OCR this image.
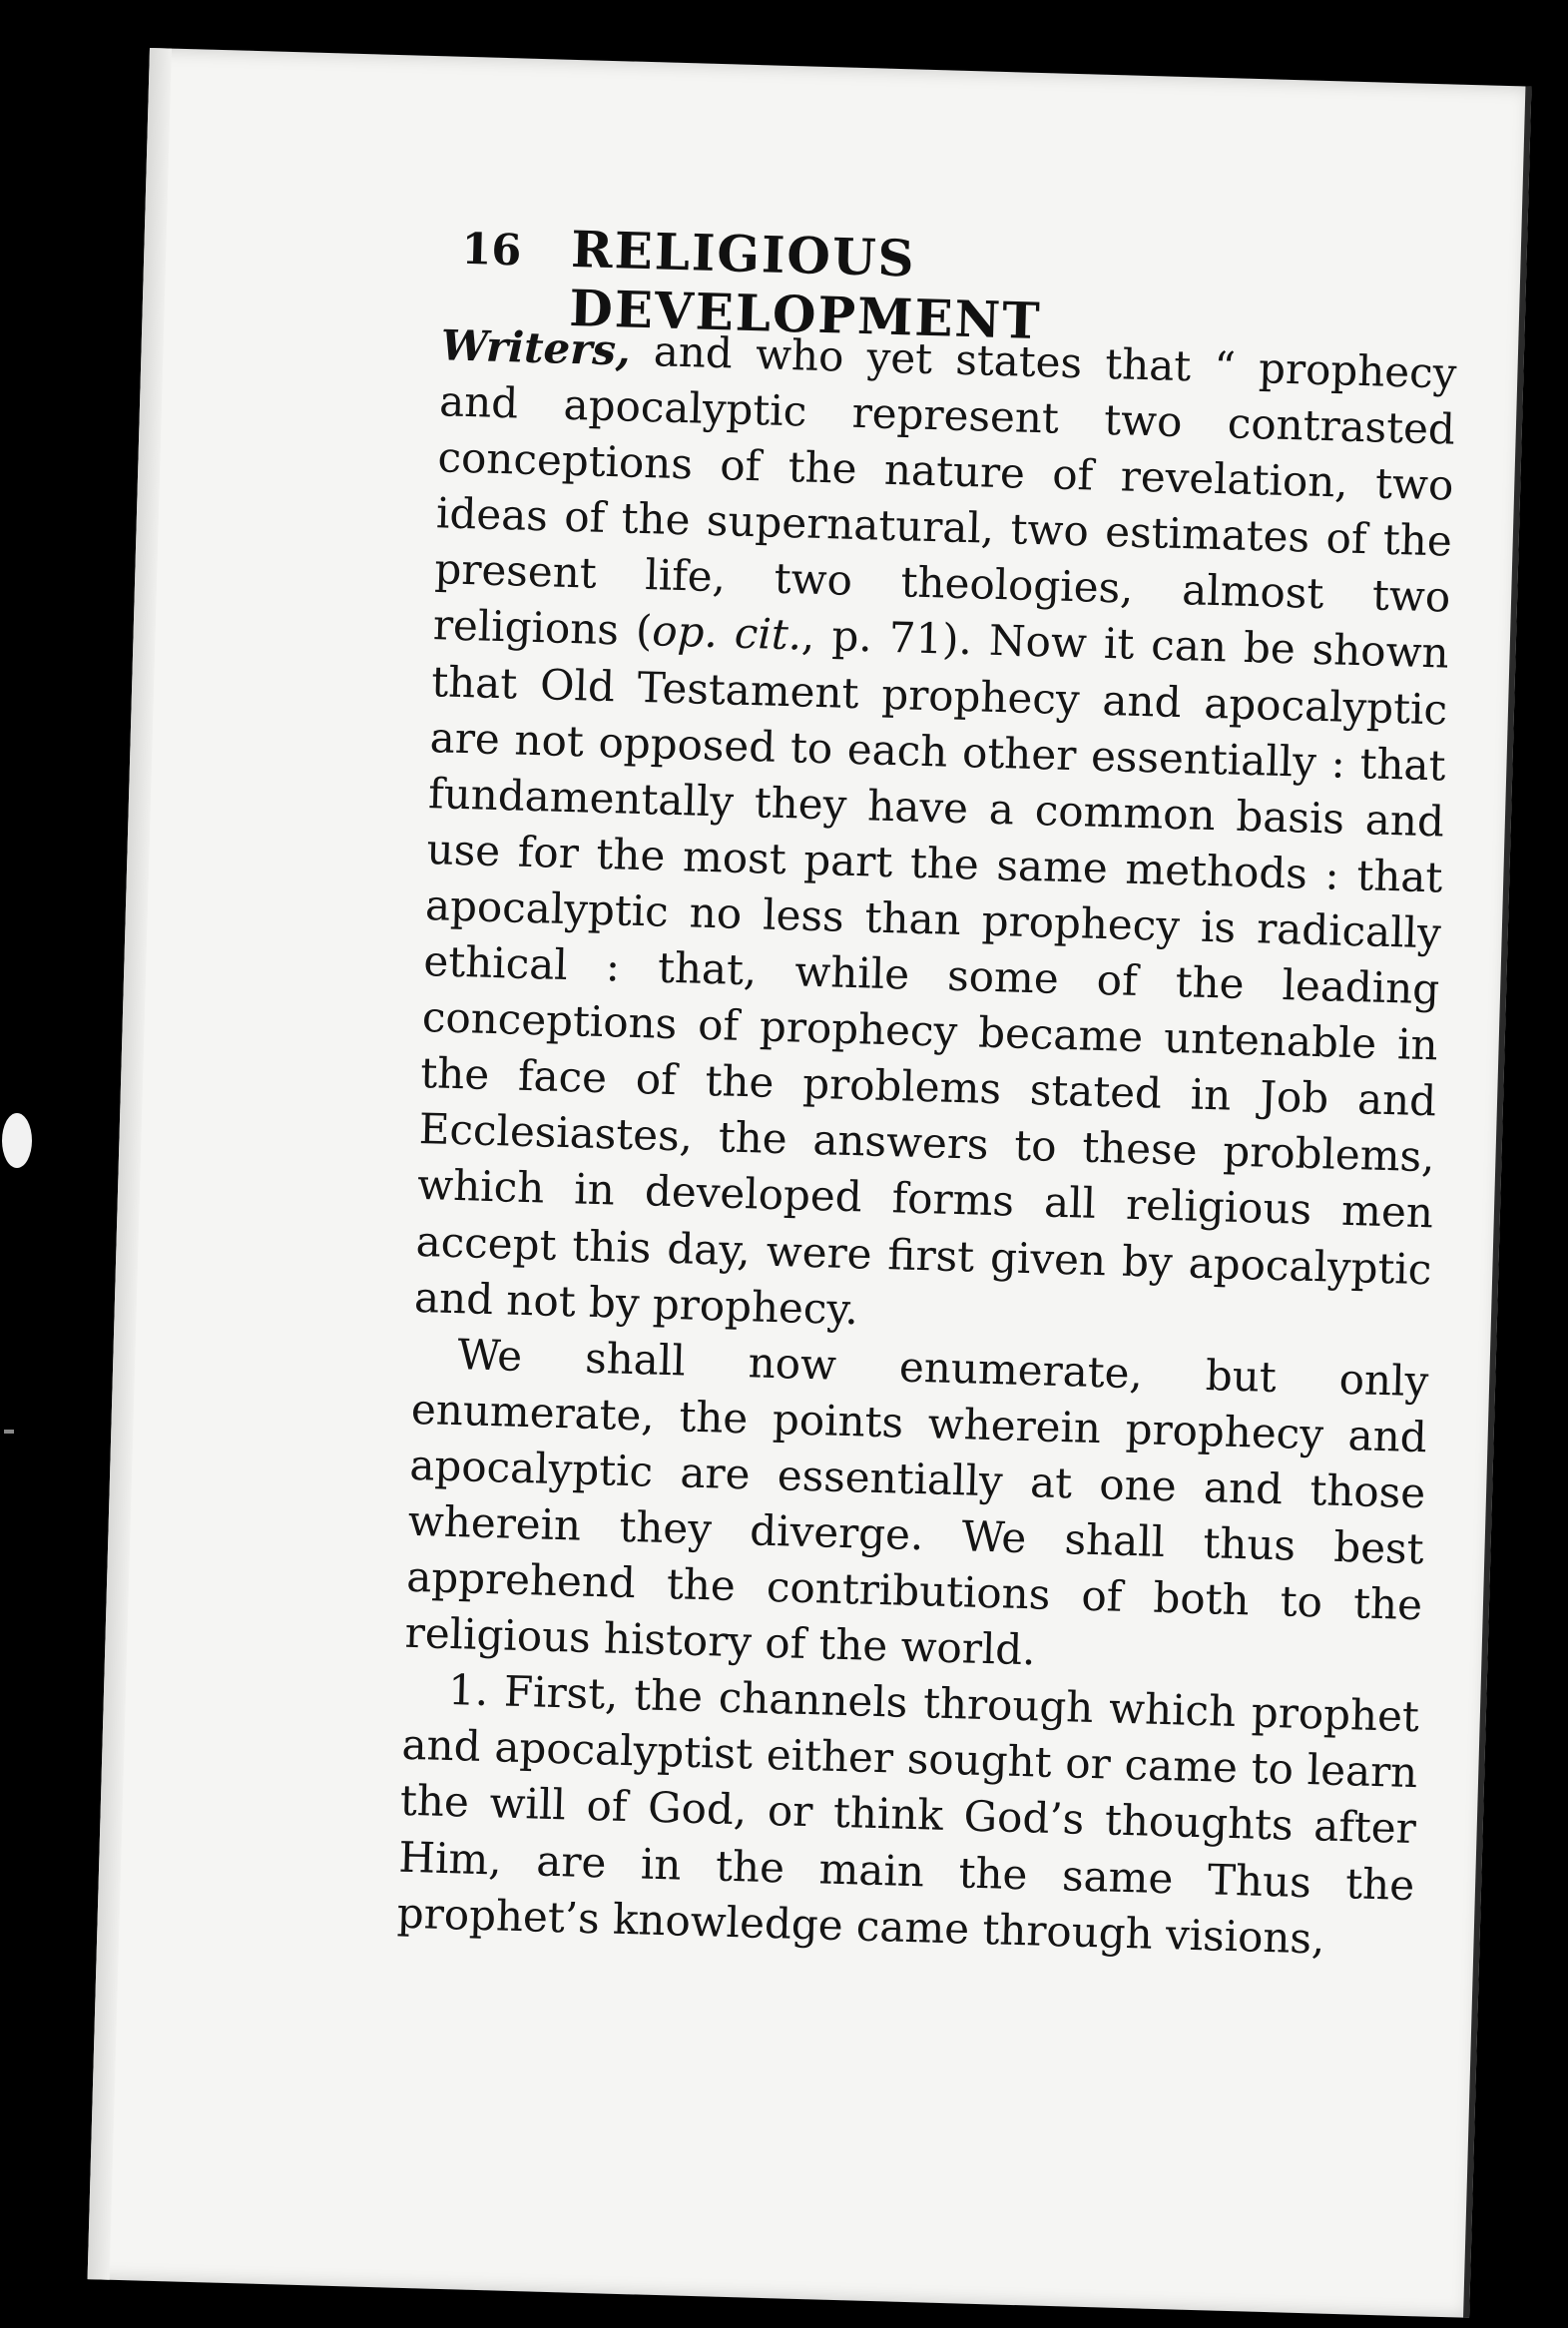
16 RELIGIOUS DEVELOPMENT

Writers, and who yet states that “ prophecy and apocalyptic represent two contrasted conceptions of the nature of revelation, two ideas of the supernatural, two estimates of the present life, two theologies, almost two religions (op. cit., p. 71). Now it can be shown that Old Testament prophecy and apocalyptic are not opposed to each other essentially : that fundamentally they have a common basis and use for the most part the same methods : that apocalyptic no less than prophecy is radically ethical : that, while some of the leading conceptions of prophecy became untenable in the face of the problems stated in Job and Ecclesiastes, the answers to these problems, which in developed forms all religious men accept this day, were first given by apocalyptic and not by prophecy.

We shall now enumerate, but only enumerate, the points wherein prophecy and apocalyptic are essentially at one and those wherein they diverge. We shall thus best apprehend the contributions of both to the religious history of the world.

1. First, the channels through which prophet and apocalyptist either sought or came to learn the will of God, or think God’s thoughts after Him, are in the main the same Thus the prophet’s knowledge came through visions,
